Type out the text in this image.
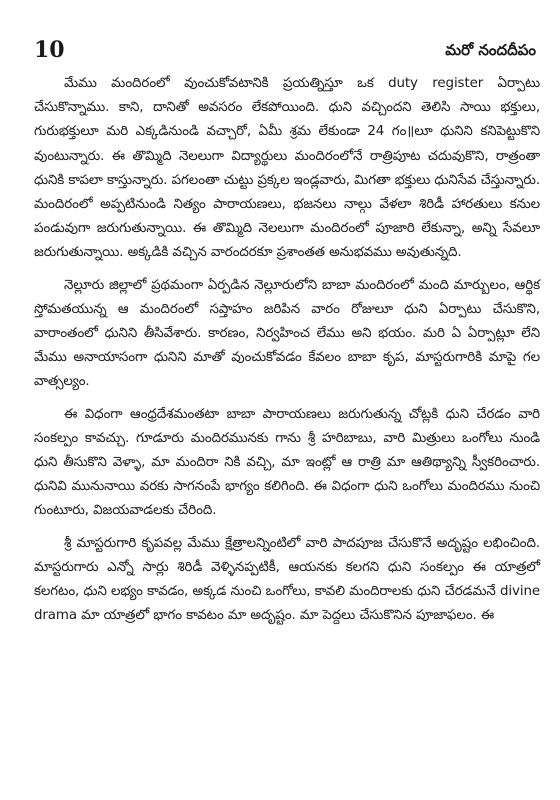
10	మరో నందదీపం

మేము మందిరంలో వుంచుకోవటానికి ప్రయత్నిస్తూ ఒక duty register ఏర్పాటు చేసుకొన్నాము. కాని, దానితో అవసరం లేకపోయింది. ధుని వచ్చిందని తెలిసి సాయి భక్తులు, గురుభక్తులూ మరి ఎక్కడినుండి వచ్చారో, ఏమీ శ్రమ లేకుండా 24 గం॥లూ ధునిని కనిపెట్టుకొని వుంటున్నారు. ఈ తొమ్మిది నెలలుగా విద్యార్థులు మందిరంలోనే రాత్రిపూట చదువుకొని, రాత్రంతా ధునికి కాపలా కాస్తున్నారు. పగలంతా చుట్టు ప్రక్కల ఇండ్లవారు, మిగతా భక్తులు ధునిసేవ చేస్తున్నారు. మందిరంలో అప్పటినుండి నిత్యం పారాయణలు, భజనలు నాల్గు వేళలా శిరిడీ హారతులు కనుల పండువుగా జరుగుతున్నాయి. ఈ తొమ్మిది నెలలుగా మందిరంలో పూజారి లేకున్నా, అన్ని సేవలూ జరుగుతున్నాయి. అక్కడికి వచ్చిన వారందరకూ ప్రశాంతత అనుభవము అవుతున్నది.

నెల్లూరు జిల్లాలో ప్రథమంగా ఏర్పడిన నెల్లూరులోని బాబా మందిరంలో మంది మార్బులం, ఆర్థిక స్తోమతయున్న ఆ మందిరంలో సప్తాహం జరిపిన వారం రోజులూ ధుని ఏర్పాటు చేసుకొని, వారాంతంలో ధునిని తీసివేశారు. కారణం, నిర్వహించ లేము అని భయం. మరి ఏ ఏర్పాట్లూ లేని మేము అనాయాసంగా ధునిని మాతో వుంచుకోవడం కేవలం బాబా కృప, మాస్టరుగారికి మాపై గల వాత్సల్యం.

ఈ విధంగా ఆంధ్రదేశమంతటా బాబా పారాయణలు జరుగుతున్న చోట్లకి ధుని చేరడం వారి సంకల్పం కావచ్చు. గూడూరు మందిరమునకు గాను శ్రీ హరిబాబు, వారి మిత్రులు ఒంగోలు నుండి ధుని తీసుకొని వెళ్ళా, మా మందిరా నికి వచ్చి, మా ఇంట్లో ఆ రాత్రి మా ఆతిథ్యాన్ని స్వీకరించారు. ధునివి మునునాయి వరకు సాగనంపే భాగ్యం కలిగింది. ఈ విధంగా ధుని ఒంగోలు మందిరము నుంచి గుంటూరు, విజయవాడలకు చేరింది.

శ్రీ మాస్టరుగారి కృపవల్ల మేము క్షేత్రాలన్నింటిలో వారి పాదపూజ చేసుకొనే అదృష్టం లభించింది. మాస్టరుగారు ఎన్నో సార్లు శిరిడీ వెళ్ళినప్పటికీ, ఆయనకు కలగని ధుని సంకల్పం ఈ యాత్రలో కలగటం, ధుని లభ్యం కావడం, అక్కడ నుంచి ఒంగోలు, కావలి మందిరాలకు ధుని చేరడమనే divine drama మా యాత్రలో భాగం కావటం మా అదృష్టం. మా పెద్దలు చేసుకొనిన పూజాఫలం. ఈ
